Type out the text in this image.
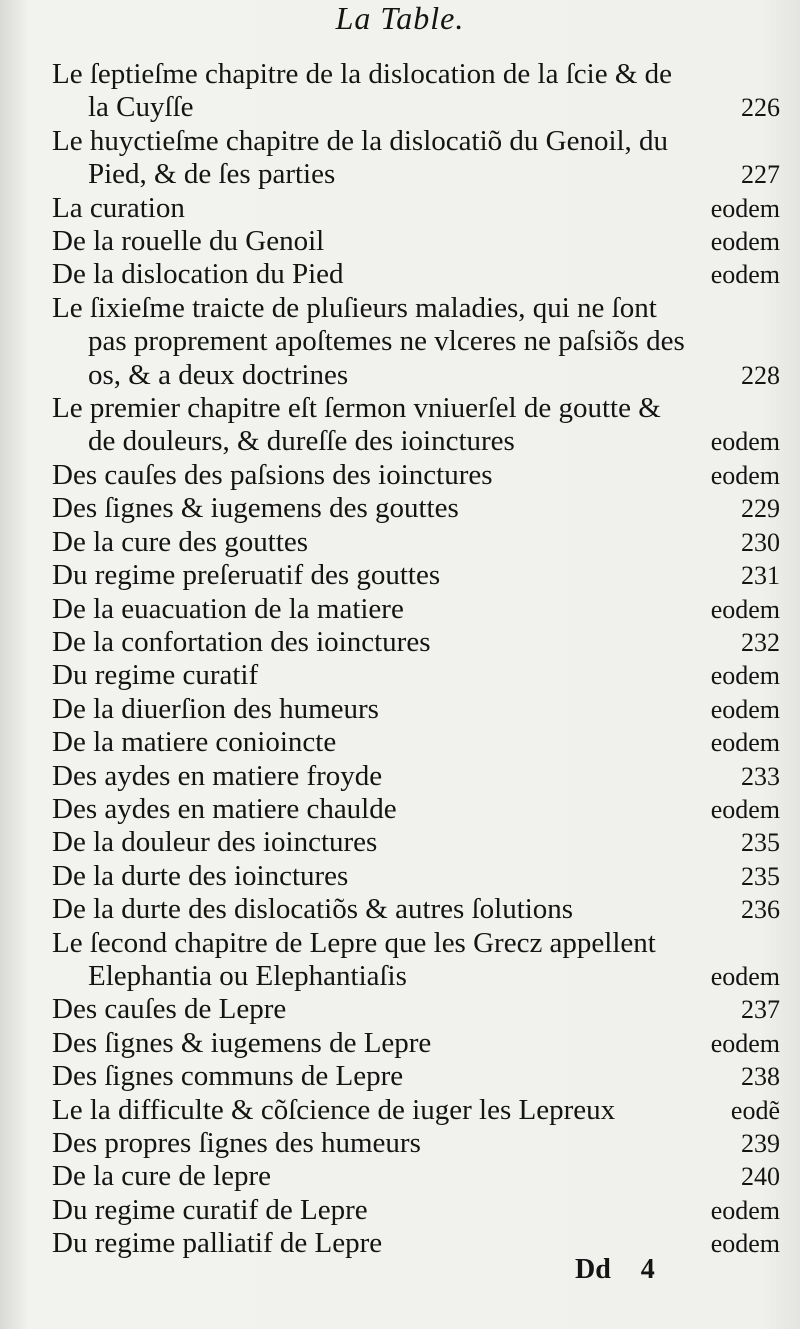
La Table.
Le ſeptieſme chapitre de la dislocation de la ſcie & de
la Cuyſſe	226
Le huyctieſme chapitre de la dislocatiõ du Genoil, du
Pied, & de ſes parties	227
La curation	eodem
De la rouelle du Genoil	eodem
De la dislocation du Pied	eodem
Le ſixieſme traicte de pluſieurs maladies, qui ne ſont
pas proprement apoſtemes ne vlceres ne paſsiõs des
os, & a deux doctrines	228
Le premier chapitre eſt ſermon vniuerſel de goutte &
de douleurs, & dureſſe des ioinctures	eodem
Des cauſes des paſsions des ioinctures	eodem
Des ſignes & iugemens des gouttes	229
De la cure des gouttes	230
Du regime preſeruatif des gouttes	231
De la euacuation de la matiere	eodem
De la confortation des ioinctures	232
Du regime curatif	eodem
De la diuerſion des humeurs	eodem
De la matiere conioincte	eodem
Des aydes en matiere froyde	233
Des aydes en matiere chaulde	eodem
De la douleur des ioinctures	235
De la durte des ioinctures	235
De la durte des dislocatiõs & autres ſolutions	236
Le ſecond chapitre de Lepre que les Grecz appellent
Elephantia ou Elephantiaſis	eodem
Des cauſes de Lepre	237
Des ſignes & iugemens de Lepre	eodem
Des ſignes communs de Lepre	238
Le la difficulte & cõſcience de iuger les Lepreux	eodẽ
Des propres ſignes des humeurs	239
De la cure de lepre	240
Du regime curatif de Lepre	eodem
Du regime palliatif de Lepre	eodem
Dd 4
